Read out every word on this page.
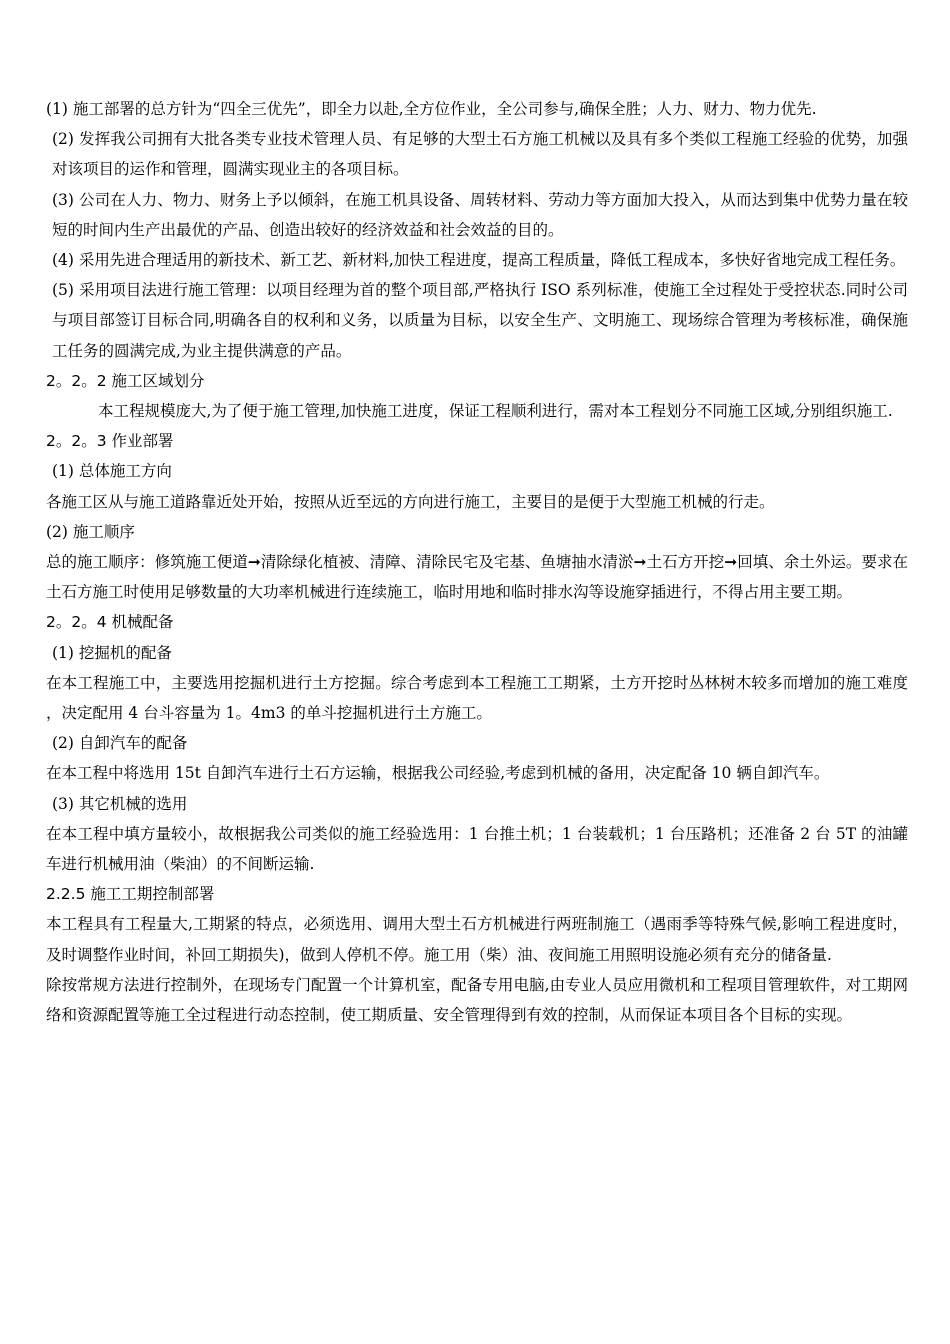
(1) 施工部署的总方针为“四全三优先”，即全力以赴,全方位作业，全公司参与,确保全胜；人力、财力、物力优先.

(2) 发挥我公司拥有大批各类专业技术管理人员、有足够的大型土石方施工机械以及具有多个类似工程施工经验的优势，加强对该项目的运作和管理，圆满实现业主的各项目标。

(3) 公司在人力、物力、财务上予以倾斜，在施工机具设备、周转材料、劳动力等方面加大投入，从而达到集中优势力量在较短的时间内生产出最优的产品、创造出较好的经济效益和社会效益的目的。

(4) 采用先进合理适用的新技术、新工艺、新材料,加快工程进度，提高工程质量，降低工程成本，多快好省地完成工程任务。

(5) 采用项目法进行施工管理：以项目经理为首的整个项目部,严格执行 ISO 系列标准，使施工全过程处于受控状态.同时公司与项目部签订目标合同,明确各自的权利和义务，以质量为目标，以安全生产、文明施工、现场综合管理为考核标准，确保施工任务的圆满完成,为业主提供满意的产品。

2。2。2 施工区域划分

本工程规模庞大,为了便于施工管理,加快施工进度，保证工程顺利进行，需对本工程划分不同施工区域,分别组织施工.

2。2。3 作业部署

(1) 总体施工方向

各施工区从与施工道路靠近处开始，按照从近至远的方向进行施工，主要目的是便于大型施工机械的行走。

(2) 施工顺序

总的施工顺序：修筑施工便道➞清除绿化植被、清障、清除民宅及宅基、鱼塘抽水清淤➞土石方开挖➞回填、余土外运。要求在土石方施工时使用足够数量的大功率机械进行连续施工，临时用地和临时排水沟等设施穿插进行，不得占用主要工期。

2。2。4 机械配备

(1) 挖掘机的配备

在本工程施工中，主要选用挖掘机进行土方挖掘。综合考虑到本工程施工工期紧，土方开挖时丛林树木较多而增加的施工难度，决定配用 4 台斗容量为 1。4m3 的单斗挖掘机进行土方施工。

(2) 自卸汽车的配备

在本工程中将选用 15t 自卸汽车进行土石方运输，根据我公司经验,考虑到机械的备用，决定配备 10 辆自卸汽车。

(3) 其它机械的选用

在本工程中填方量较小，故根据我公司类似的施工经验选用：1 台推土机；1 台装载机；1 台压路机；还准备 2 台 5T 的油罐车进行机械用油（柴油）的不间断运输.

2.2.5 施工工期控制部署

本工程具有工程量大,工期紧的特点，必须选用、调用大型土石方机械进行两班制施工（遇雨季等特殊气候,影响工程进度时，及时调整作业时间，补回工期损失)，做到人停机不停。施工用（柴）油、夜间施工用照明设施必须有充分的储备量.

除按常规方法进行控制外，在现场专门配置一个计算机室，配备专用电脑,由专业人员应用微机和工程项目管理软件，对工期网络和资源配置等施工全过程进行动态控制，使工期质量、安全管理得到有效的控制，从而保证本项目各个目标的实现。
